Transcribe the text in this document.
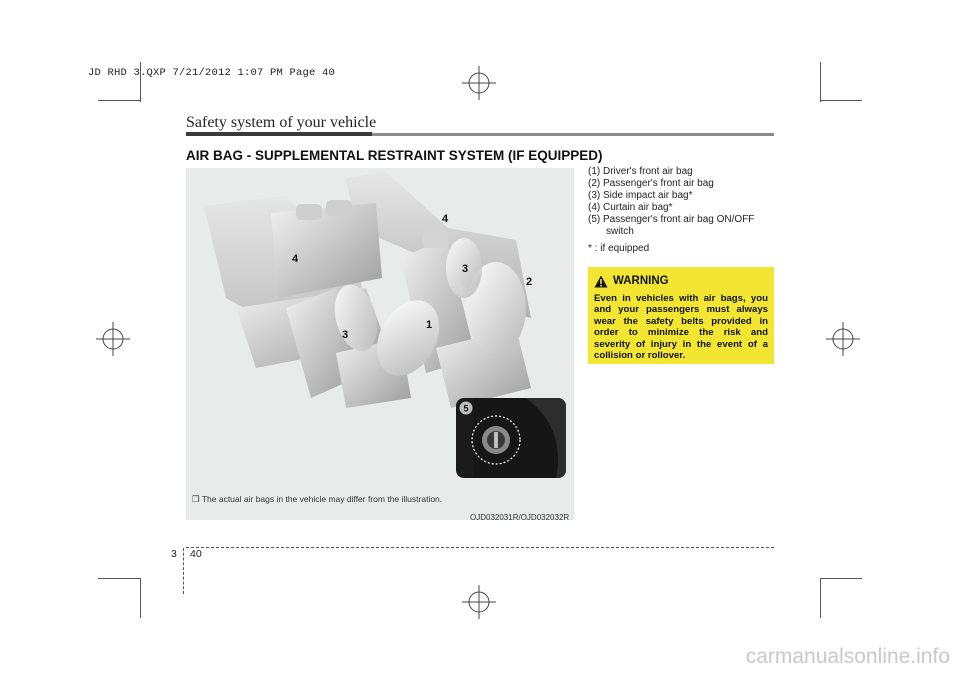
JD RHD 3.QXP 7/21/2012 1:07 PM Page 40
Safety system of your vehicle
AIR BAG - SUPPLEMENTAL RESTRAINT SYSTEM (IF EQUIPPED)
4
4
3
3
2
1
5
❒ The actual air bags in the vehicle may differ from the illustration.
OJD032031R/OJD032032R
(1) Driver's front air bag
(2) Passenger's front air bag
(3) Side impact air bag*
(4) Curtain air bag*
(5) Passenger's front air bag ON/OFF switch
* : if equipped
WARNING
Even in vehicles with air bags, you and your passengers must always wear the safety belts provided in order to minimize the risk and severity of injury in the event of a collision or rollover.
3 40
carmanualsonline.info
